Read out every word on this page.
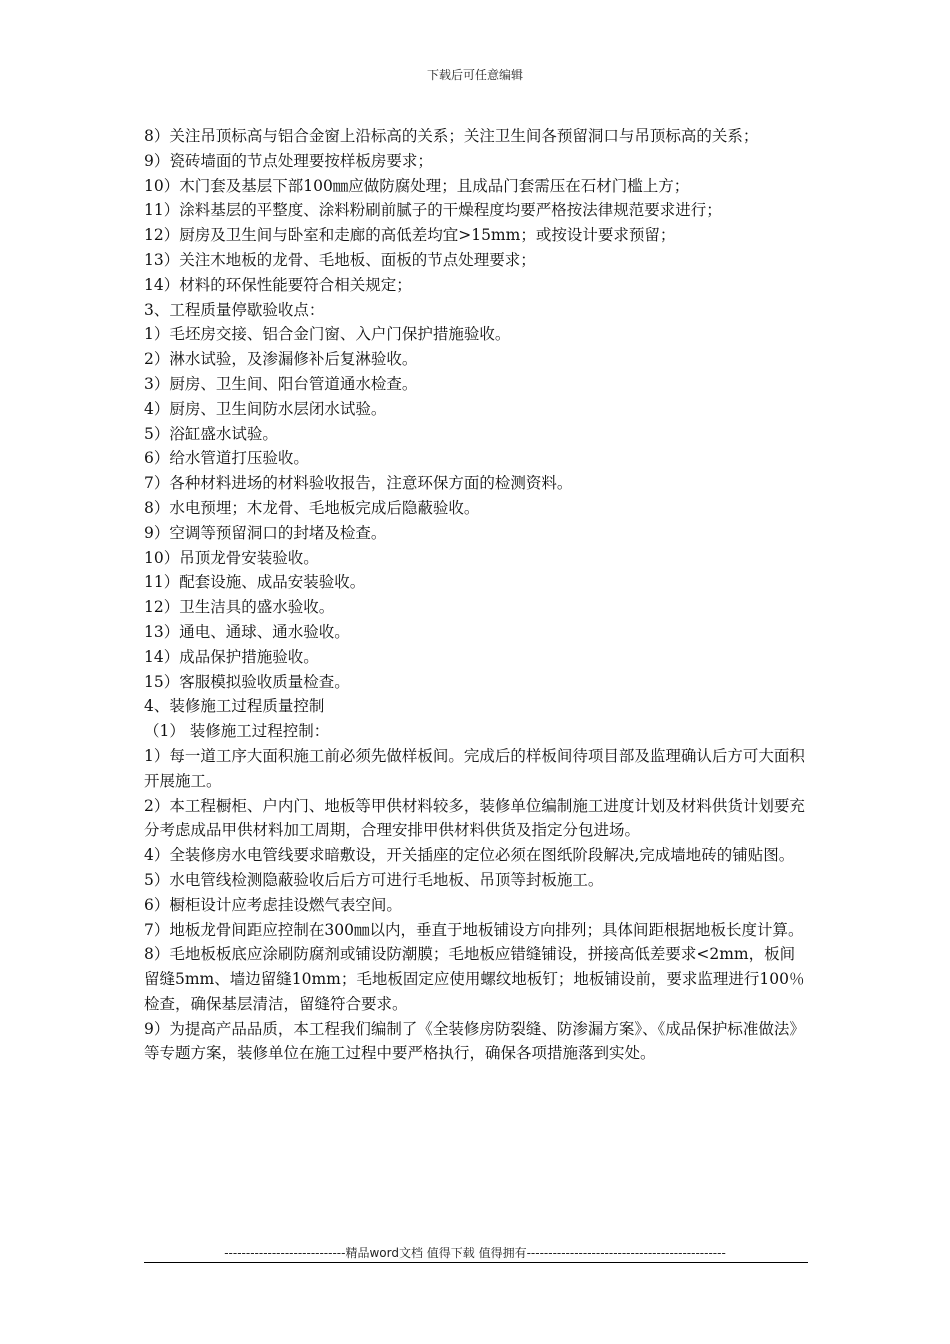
下载后可任意编辑

8）关注吊顶标高与铝合金窗上沿标高的关系；关注卫生间各预留洞口与吊顶标高的关系；

9）瓷砖墙面的节点处理要按样板房要求；

10）木门套及基层下部100㎜应做防腐处理；且成品门套需压在石材门槛上方；

11）涂料基层的平整度、涂料粉刷前腻子的干燥程度均要严格按法律规范要求进行；

12）厨房及卫生间与卧室和走廊的高低差均宜>15mm；或按设计要求预留；

13）关注木地板的龙骨、毛地板、面板的节点处理要求；

14）材料的环保性能要符合相关规定；

3、工程质量停歇验收点：

1）毛坯房交接、铝合金门窗、入户门保护措施验收。

2）淋水试验，及渗漏修补后复淋验收。

3）厨房、卫生间、阳台管道通水检查。

4）厨房、卫生间防水层闭水试验。

5）浴缸盛水试验。

6）给水管道打压验收。

7）各种材料进场的材料验收报告，注意环保方面的检测资料。

8）水电预埋；木龙骨、毛地板完成后隐蔽验收。

9）空调等预留洞口的封堵及检查。

10）吊顶龙骨安装验收。

11）配套设施、成品安装验收。

12）卫生洁具的盛水验收。

13）通电、通球、通水验收。

14）成品保护措施验收。

15）客服模拟验收质量检查。

4、装修施工过程质量控制

（1） 装修施工过程控制：

1）每一道工序大面积施工前必须先做样板间。完成后的样板间待项目部及监理确认后方可大面积开展施工。

2）本工程橱柜、户内门、地板等甲供材料较多，装修单位编制施工进度计划及材料供货计划要充分考虑成品甲供材料加工周期，合理安排甲供材料供货及指定分包进场。

4）全装修房水电管线要求暗敷设，开关插座的定位必须在图纸阶段解决,完成墙地砖的铺贴图。

5）水电管线检测隐蔽验收后后方可进行毛地板、吊顶等封板施工。

6）橱柜设计应考虑挂设燃气表空间。

7）地板龙骨间距应控制在300㎜以内，垂直于地板铺设方向排列；具体间距根据地板长度计算。

8）毛地板板底应涂刷防腐剂或铺设防潮膜；毛地板应错缝铺设，拼接高低差要求<2mm，板间留缝5mm、墙边留缝10mm；毛地板固定应使用螺纹地板钉；地板铺设前，要求监理进行100％检查，确保基层清洁，留缝符合要求。

9）为提高产品品质，本工程我们编制了《全装修房防裂缝、防渗漏方案》、《成品保护标准做法》等专题方案，装修单位在施工过程中要严格执行，确保各项措施落到实处。

----------------------------精品word文档 值得下载 值得拥有----------------------------------------------
